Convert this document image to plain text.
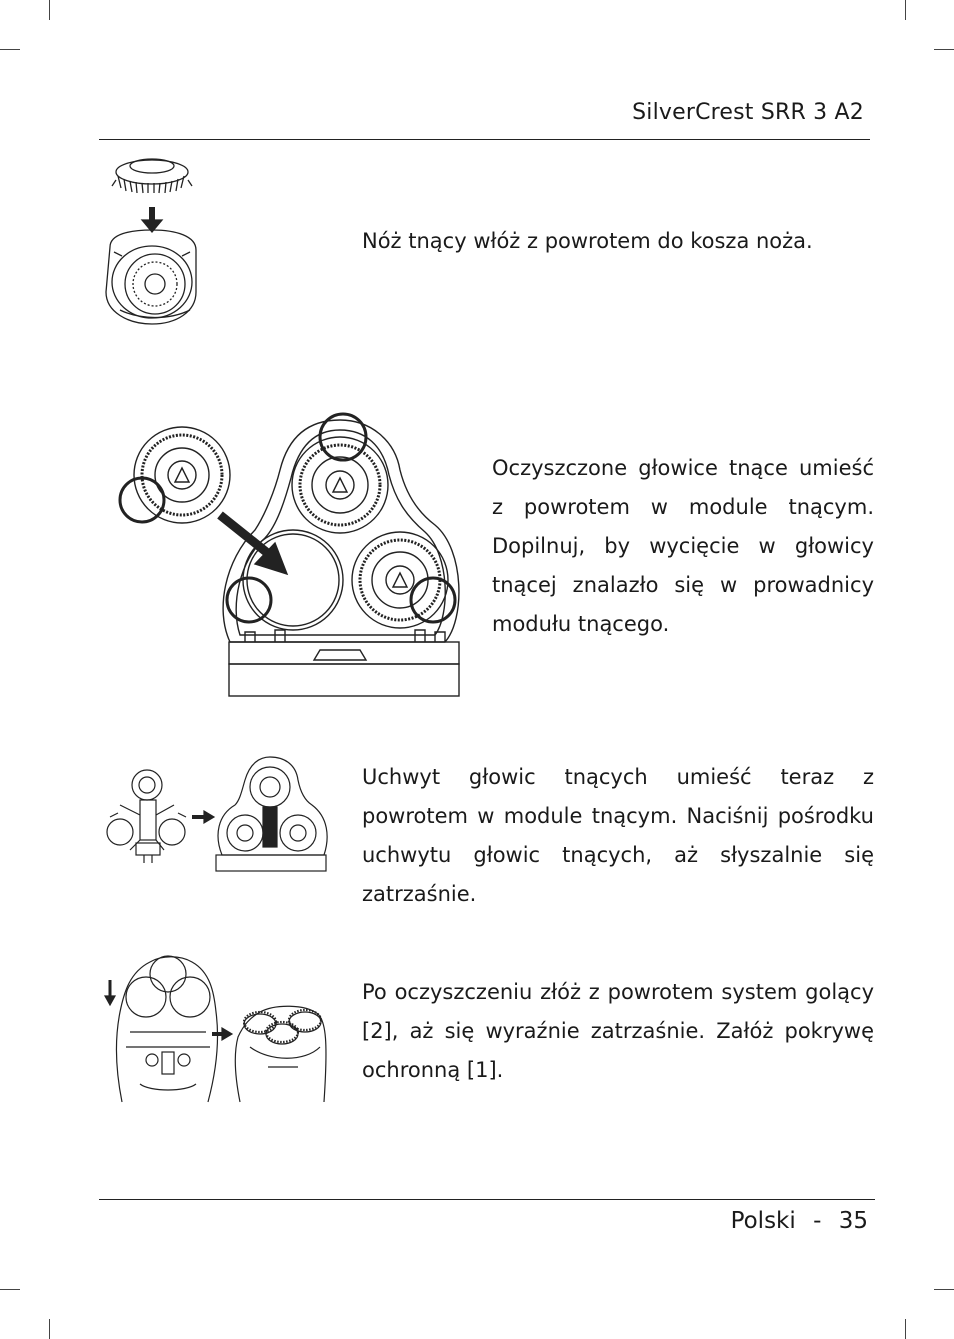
SilverCrest SRR 3 A2

Nóż tnący włóż z powrotem do kosza noża.

Oczyszczone głowice tnące umieść z powrotem w module tnącym. Dopilnuj, by wycięcie w głowicy tnącej znalazło się w prowadnicy modułu tnącego.

Uchwyt głowic tnących umieść teraz z powrotem w module tnącym. Naciśnij pośrodku uchwytu głowic tnących, aż słyszalnie się zatrzaśnie.

Po oczyszczeniu złóż z powrotem system golący [2], aż się wyraźnie zatrzaśnie. Załóż pokrywę ochronną [1].

Polski - 35
